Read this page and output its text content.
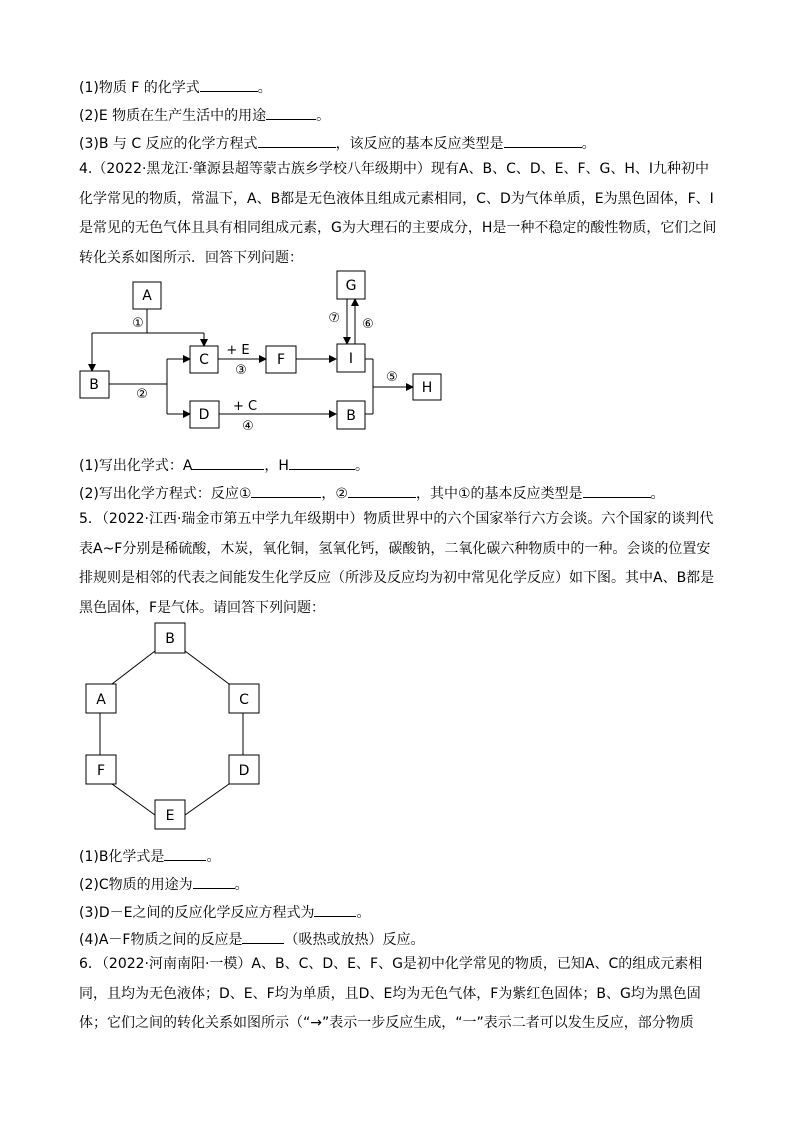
(1)物质 F 的化学式	。
(2)E 物质在生产生活中的用途	。
(3)B 与 C 反应的化学方程式	，该反应的基本反应类型是	。
4.（2022·黑龙江·肇源县超等蒙古族乡学校八年级期中）现有A、B、C、D、E、F、G、H、I九种初中化学常见的物质，常温下，A、B都是无色液体且组成元素相同，C、D为气体单质，E为黑色固体，F、I是常见的无色气体且具有相同组成元素，G为大理石的主要成分，H是一种不稳定的酸性物质，它们之间转化关系如图所示．回答下列问题：
A
B
C
D
F
G
I
B
H
①
②
③
④
⑤
⑥
⑦
+ E
+ C
(1)写出化学式：A	，H	。
(2)写出化学方程式：反应①	，②	，其中①的基本反应类型是	。
5．（2022·江西·瑞金市第五中学九年级期中）物质世界中的六个国家举行六方会谈。六个国家的谈判代表A~F分别是稀硫酸，木炭，氧化铜，氢氧化钙，碳酸钠，二氧化碳六种物质中的一种。会谈的位置安排规则是相邻的代表之间能发生化学反应（所涉及反应均为初中常见化学反应）如下图。其中A、B都是黑色固体，F是气体。请回答下列问题：
B
A	C
F	D
E
(1)B化学式是	。
(2)C物质的用途为	。
(3)D－E之间的反应化学反应方程式为	。
(4)A－F物质之间的反应是	（吸热或放热）反应。
6．（2022·河南南阳·一模）A、B、C、D、E、F、G是初中化学常见的物质，已知A、C的组成元素相同，且均为无色液体；D、E、F均为单质，且D、E均为无色气体，F为紫红色固体；B、G均为黑色固体；它们之间的转化关系如图所示（“→”表示一步反应生成，“一”表示二者可以发生反应，部分物质
